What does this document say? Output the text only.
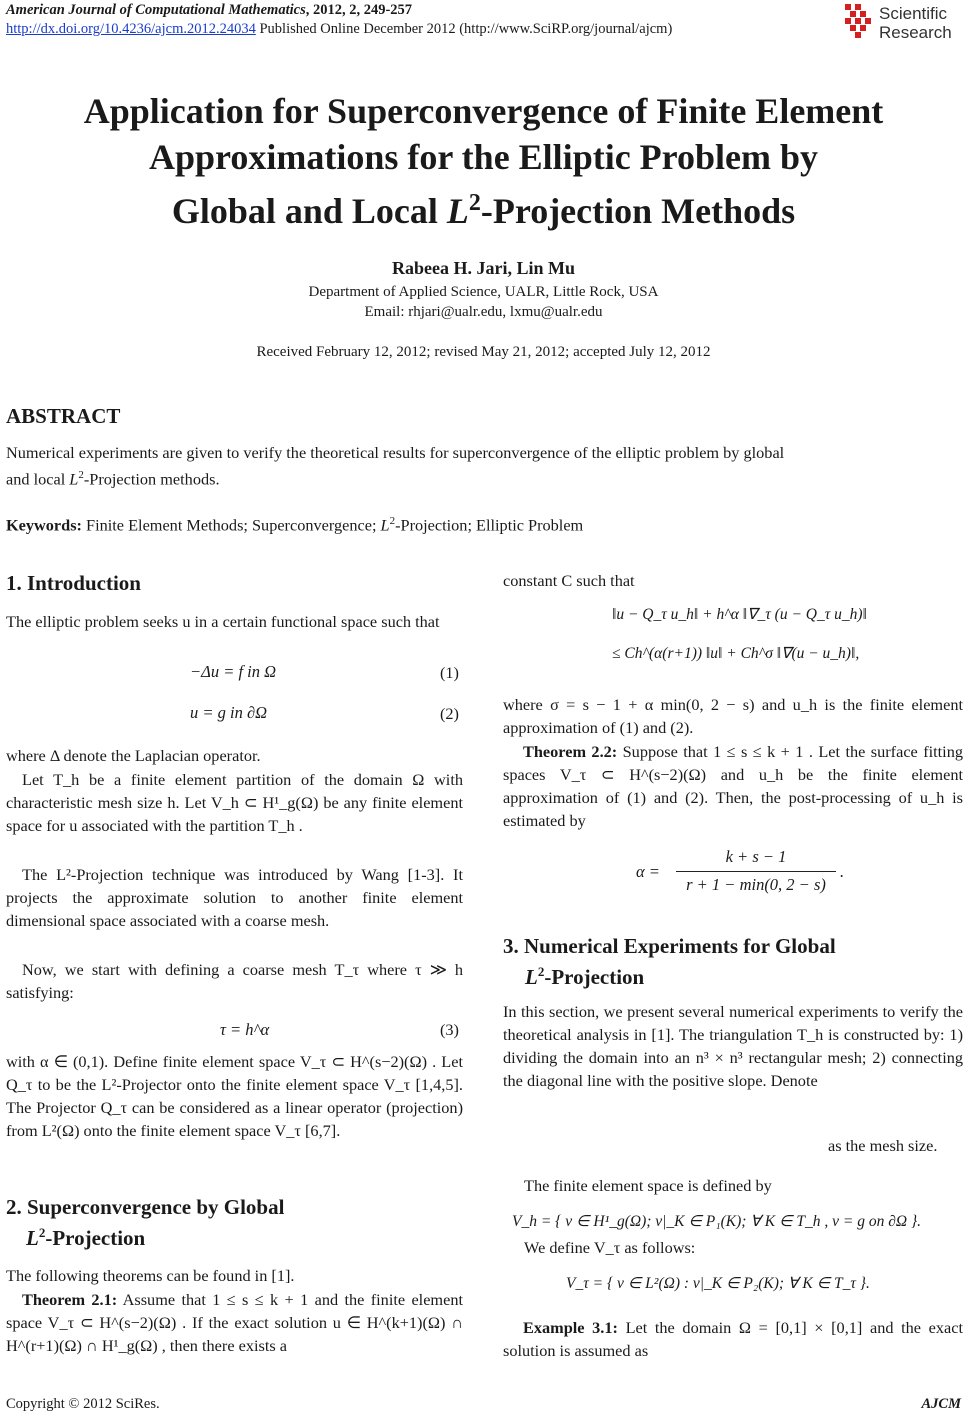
American Journal of Computational Mathematics, 2012, 2, 249-257
http://dx.doi.org/10.4236/ajcm.2012.24034 Published Online December 2012 (http://www.SciRP.org/journal/ajcm)
Scientific
Research
Application for Superconvergence of Finite Element
Approximations for the Elliptic Problem by
Global and Local $L^2$-Projection Methods
Rabeea H. Jari, Lin Mu
Department of Applied Science, UALR, Little Rock, USA
Email: rhjari@ualr.edu, lxmu@ualr.edu
Received February 12, 2012; revised May 21, 2012; accepted July 12, 2012
ABSTRACT
Numerical experiments are given to verify the theoretical results for superconvergence of the elliptic problem by global
and local $L^2$-Projection methods.
Keywords: Finite Element Methods; Superconvergence; $L^2$-Projection; Elliptic Problem
1. Introduction
The elliptic problem seeks u in a certain functional space such that
−Δu = f in Ω	(1)
u = g in ∂Ω	(2)
where Δ denote the Laplacian operator.
Let T_h be a finite element partition of the domain Ω with characteristic mesh size h. Let V_h ⊂ H¹_g(Ω) be any finite element space for u associated with the partition T_h .
The L²-Projection technique was introduced by Wang [1-3]. It projects the approximate solution to another finite element dimensional space associated with a coarse mesh.
Now, we start with defining a coarse mesh T_τ where τ ≫ h satisfying:
τ = h^α	(3)
with α ∈ (0,1). Define finite element space V_τ ⊂ H^(s−2)(Ω) . Let Q_τ to be the L²-Projector onto the finite element space V_τ [1,4,5]. The Projector Q_τ can be considered as a linear operator (projection) from L²(Ω) onto the finite element space V_τ [6,7].
2. Superconvergence by Global
$L^2$-Projection
The following theorems can be found in [1].
Theorem 2.1: Assume that 1 ≤ s ≤ k + 1 and the finite element space V_τ ⊂ H^(s−2)(Ω) . If the exact solution u ∈ H^(k+1)(Ω) ∩ H^(r+1)(Ω) ∩ H¹_g(Ω) , then there exists a
constant C such that
‖u − Q_τ u_h‖ + h^α ‖∇_τ (u − Q_τ u_h)‖
≤ Ch^(α(r+1)) ‖u‖ + Ch^σ ‖∇(u − u_h)‖,
where σ = s − 1 + α min(0, 2 − s) and u_h is the finite element approximation of (1) and (2).
Theorem 2.2: Suppose that 1 ≤ s ≤ k + 1 . Let the surface fitting spaces V_τ ⊂ H^(s−2)(Ω) and u_h be the finite element approximation of (1) and (2). Then, the post-processing of u_h is estimated by
α =
k + s − 1
r + 1 − min(0, 2 − s)
.
3. Numerical Experiments for Global
$L^2$-Projection
In this section, we present several numerical experiments to verify the theoretical analysis in [1]. The triangulation T_h is constructed by: 1) dividing the domain into an n³ × n³ rectangular mesh; 2) connecting the diagonal line with the positive slope. Denote
as the mesh size.
The finite element space is defined by
V_h = { v ∈ H¹_g(Ω); v|_K ∈ P₁(K); ∀ K ∈ T_h , v = g on ∂Ω }.
We define V_τ as follows:
V_τ = { v ∈ L²(Ω) : v|_K ∈ P₂(K); ∀ K ∈ T_τ }.
Example 3.1: Let the domain Ω = [0,1] × [0,1] and the exact solution is assumed as
Copyright © 2012 SciRes.	AJCM
